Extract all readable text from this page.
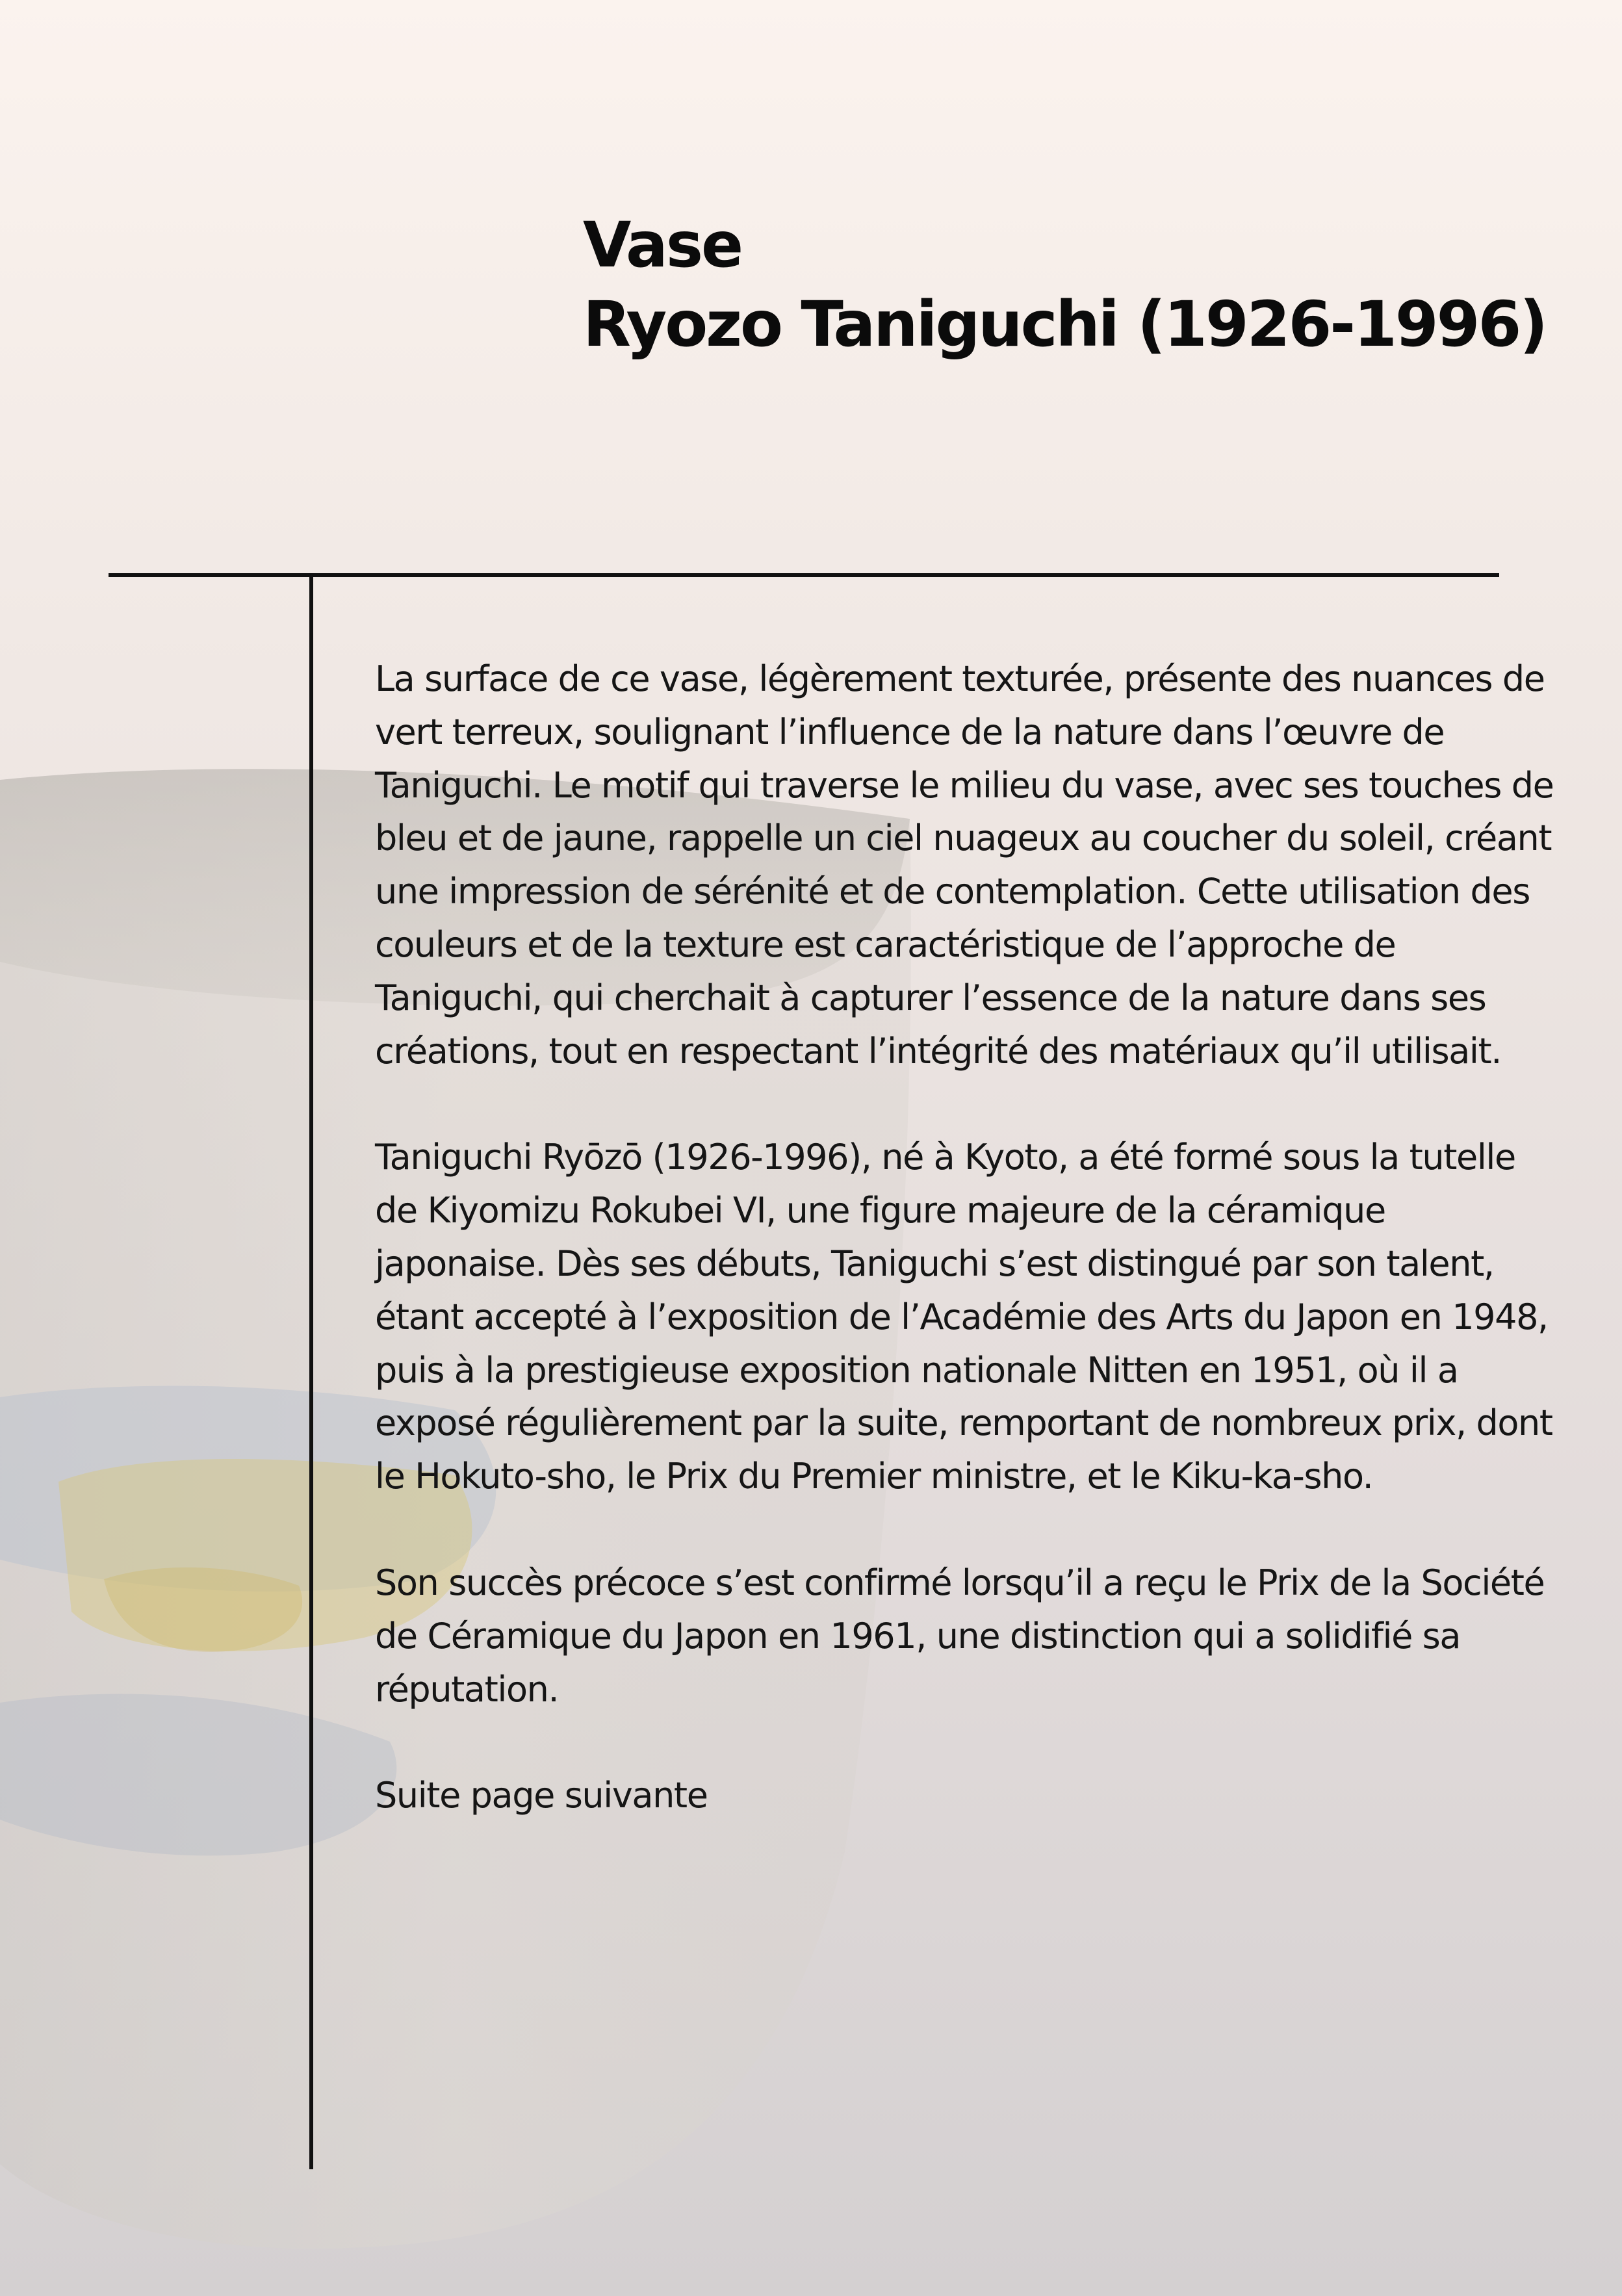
Vase
Ryozo Taniguchi (1926-1996)

La surface de ce vase, légèrement texturée, présente des nuances de vert terreux, soulignant l’influence de la nature dans l’œuvre de Taniguchi. Le motif qui traverse le milieu du vase, avec ses touches de bleu et de jaune, rappelle un ciel nuageux au coucher du soleil, créant une impression de sérénité et de contemplation. Cette utilisation des couleurs et de la texture est caractéristique de l’approche de Taniguchi, qui cherchait à capturer l’essence de la nature dans ses créations, tout en respectant l’intégrité des matériaux qu’il utilisait.

Taniguchi Ryōzō (1926-1996), né à Kyoto, a été formé sous la tutelle de Kiyomizu Rokubei VI, une figure majeure de la céramique japonaise. Dès ses débuts, Taniguchi s’est distingué par son talent, étant accepté à l’exposition de l’Académie des Arts du Japon en 1948, puis à la prestigieuse exposition nationale Nitten en 1951, où il a exposé régulièrement par la suite, remportant de nombreux prix, dont le Hokuto-sho, le Prix du Premier ministre, et le Kiku-ka-sho.

Son succès précoce s’est confirmé lorsqu’il a reçu le Prix de la Société de Céramique du Japon en 1961, une distinction qui a solidifié sa réputation.

Suite page suivante
